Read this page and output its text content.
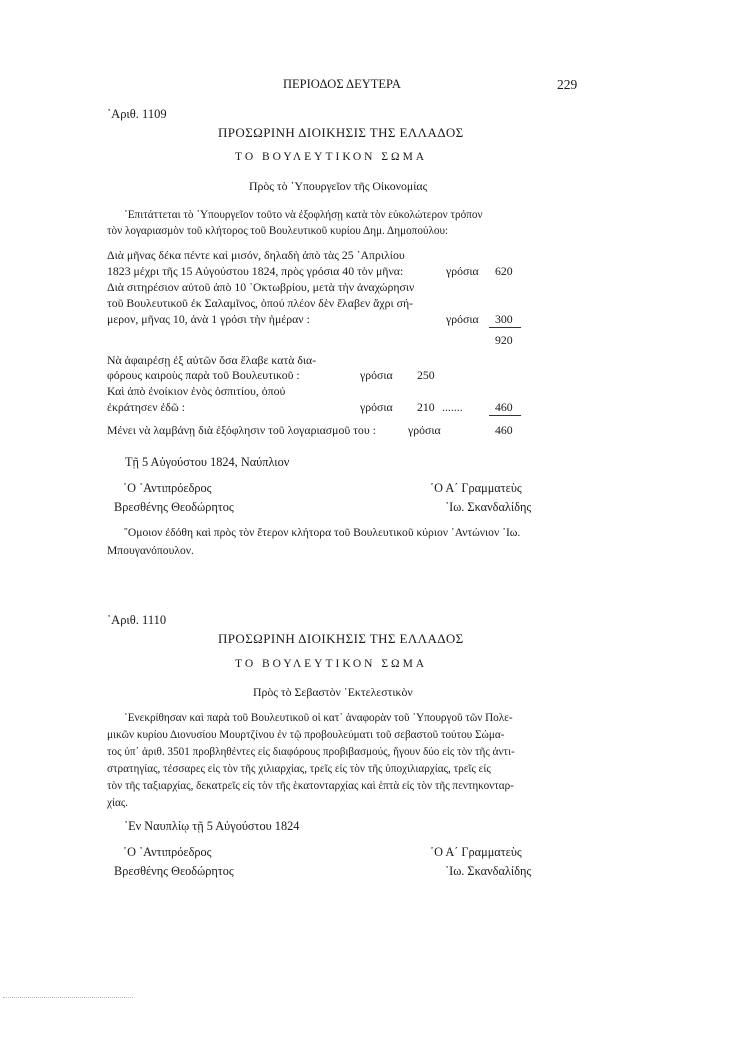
ΠΕΡΙΟΔΟΣ ΔΕΥΤΕΡΑ	229
᾿Αριθ. 1109
ΠΡΟΣΩΡΙΝΗ ΔΙΟΙΚΗΣΙΣ ΤΗΣ ΕΛΛΑΔΟΣ
ΤΟ ΒΟΥΛΕΥΤΙΚΟΝ ΣΩΜΑ
Πρὸς τὸ ῾Υπουργεῖον τῆς Οἰκονομίας
᾿Επιτάττεται τὸ ῾Υπουργεῖον τοῦτο νὰ ἐξοφλήσῃ κατὰ τὸν εὐκολώτερον τρόπον
τὸν λογαριασμὸν τοῦ κλήτορος τοῦ Βουλευτικοῦ κυρίου Δημ. Δημοπούλου:
Διὰ μῆνας δέκα πέντε καὶ μισόν, δηλαδὴ ἀπὸ τὰς 25 ᾿Απριλίου
1823 μέχρι τῆς 15 Αὐγούστου 1824, πρὸς γρόσια 40 τὸν μῆνα:	γρόσια 620
Διὰ σιτηρέσιον αὐτοῦ ἀπὸ 10 ᾿Οκτωβρίου, μετὰ τὴν ἀναχώρησιν
τοῦ Βουλευτικοῦ ἐκ Σαλαμῖνος, ὁπού πλέον δὲν ἔλαβεν ἄχρι σή-
μερον, μῆνας 10, ἀνὰ 1 γρόσι τὴν ἡμέραν :	γρόσια 300
920
Νὰ ἀφαιρέσῃ ἐξ αὐτῶν ὅσα ἔλαβε κατὰ δια-
φόρους καιροὺς παρὰ τοῦ Βουλευτικοῦ :	γρόσια 250
Καὶ ἀπὸ ἐνοίκιον ἑνὸς ὀσπιτίου, ὁπού
ἐκράτησεν ἐδῶ :	γρόσια 210 .......	460
Μένει νὰ λαμβάνῃ διὰ ἐξόφλησιν τοῦ λογαριασμοῦ του :	γρόσια	460
Τῇ 5 Αὐγούστου 1824, Ναύπλιον
῾Ο ᾿Αντιπρόεδρος	῾Ο Α΄ Γραμματεὺς
Βρεσθένης Θεοδώρητος	᾿Ιω. Σκανδαλίδης
῞Ομοιον ἐδόθη καὶ πρὸς τὸν ἕτερον κλήτορα τοῦ Βουλευτικοῦ κύριον ᾿Αντώνιον ᾿Ιω.
Μπουγανόπουλον.
᾿Αριθ. 1110
ΠΡΟΣΩΡΙΝΗ ΔΙΟΙΚΗΣΙΣ ΤΗΣ ΕΛΛΑΔΟΣ
ΤΟ ΒΟΥΛΕΥΤΙΚΟΝ ΣΩΜΑ
Πρὸς τὸ Σεβαστὸν ᾿Εκτελεστικὸν
᾿Ενεκρίθησαν καὶ παρὰ τοῦ Βουλευτικοῦ οἱ κατ᾿ ἀναφορὰν τοῦ ῾Υπουργοῦ τῶν Πολε-
μικῶν κυρίου Διονυσίου Μουρτζίνου ἐν τῷ προβουλεύματι τοῦ σεβαστοῦ τούτου Σώμα-
τος ὑπ᾿ ἀριθ. 3501 προβληθέντες εἰς διαφόρους προβιβασμούς, ἤγουν δύο εἰς τὸν τῆς ἀντι-
στρατηγίας, τέσσαρες εἰς τὸν τῆς χιλιαρχίας, τρεῖς εἰς τὸν τῆς ὑποχιλιαρχίας, τρεῖς εἰς
τὸν τῆς ταξιαρχίας, δεκατρεῖς εἰς τὸν τῆς ἑκατονταρχίας καὶ ἑπτὰ εἰς τὸν τῆς πεντηκονταρ-
χίας.
᾿Εν Ναυπλίῳ τῇ 5 Αὐγούστου 1824
῾Ο ᾿Αντιπρόεδρος	῾Ο Α΄ Γραμματεὺς
Βρεσθένης Θεοδώρητος	᾿Ιω. Σκανδαλίδης
